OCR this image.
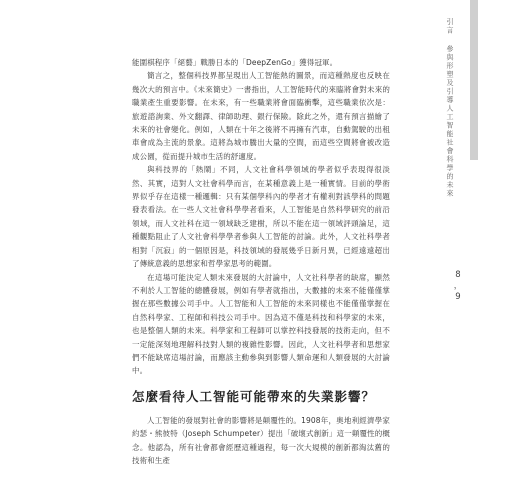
引言 參與形塑及引導人工智能社會科學的未來
8
，
9

能圍棋程序「絕藝」戰勝日本的「DeepZenGo」獲得冠軍。

簡言之，整個科技界都呈現出人工智能熱的圖景，而這種熱度也反映在幾次大的預言中。《未來簡史》一書指出，人工智能時代的來臨將會對未來的職業產生重要影響。在未來，有一些職業將會面臨衝擊，這些職業依次是：旅遊諮詢業、外文翻譯、律師助理、銀行保險。除此之外，還有預言描繪了未來的社會變化。例如，人類在十年之後將不再擁有汽車，自動駕駛的出租車會成為主流的景象。這將為城市騰出大量的空間，而這些空間將會被改造成公園，從而提升城市生活的舒適度。

與科技界的「熱鬧」不同，人文社會科學領域的學者似乎表現得很淡然、其實，這對人文社會科學而言，在某種意義上是一種實情。目前的學術界似乎存在這樣一種邏輯：只有某個學科內的學者才有權利對該學科的問題發表看法。在一些人文社會科學學者看來，人工智能是自然科學研究的前沿領域，而人文社科在這一領域缺乏建樹，所以不能在這一領域評頭論足，這種觀點阻止了人文社會科學學者參與人工智能的討論。此外，人文社科學者相對「沉寂」的一個原因是，科技領域的發展幾乎日新月異，已經遠遠超出了傳統意義的思想家和哲學家思考的範圍。

在這場可能決定人類未來發展的大討論中，人文社科學者的缺席，顯然不利於人工智能的總體發展，例如有學者就指出，大數據的未來不能僅僅掌握在那些數據公司手中。人工智能和人工智能的未來同樣也不能僅僅掌握在自然科學家、工程師和科技公司手中。因為這不僅是科技和科學家的未來，也是整個人類的未來。科學家和工程師可以掌控科技發展的技術走向，但不一定能深刻地理解科技對人類的複雜性影響。因此，人文社科學者和思想家們不能缺席這場討論，而應該主動參與到影響人類命運和人類發展的大討論中。

怎麼看待人工智能可能帶來的失業影響？

人工智能的發展對社會的影響將是顛覆性的。1908年，奧地利經濟學家約瑟・熊彼特（Joseph Schumpeter）提出「破壞式創新」這一顛覆性的概念。他認為，所有社會都會經歷這種過程，每一次大規模的創新都淘汰舊的技術和生產
